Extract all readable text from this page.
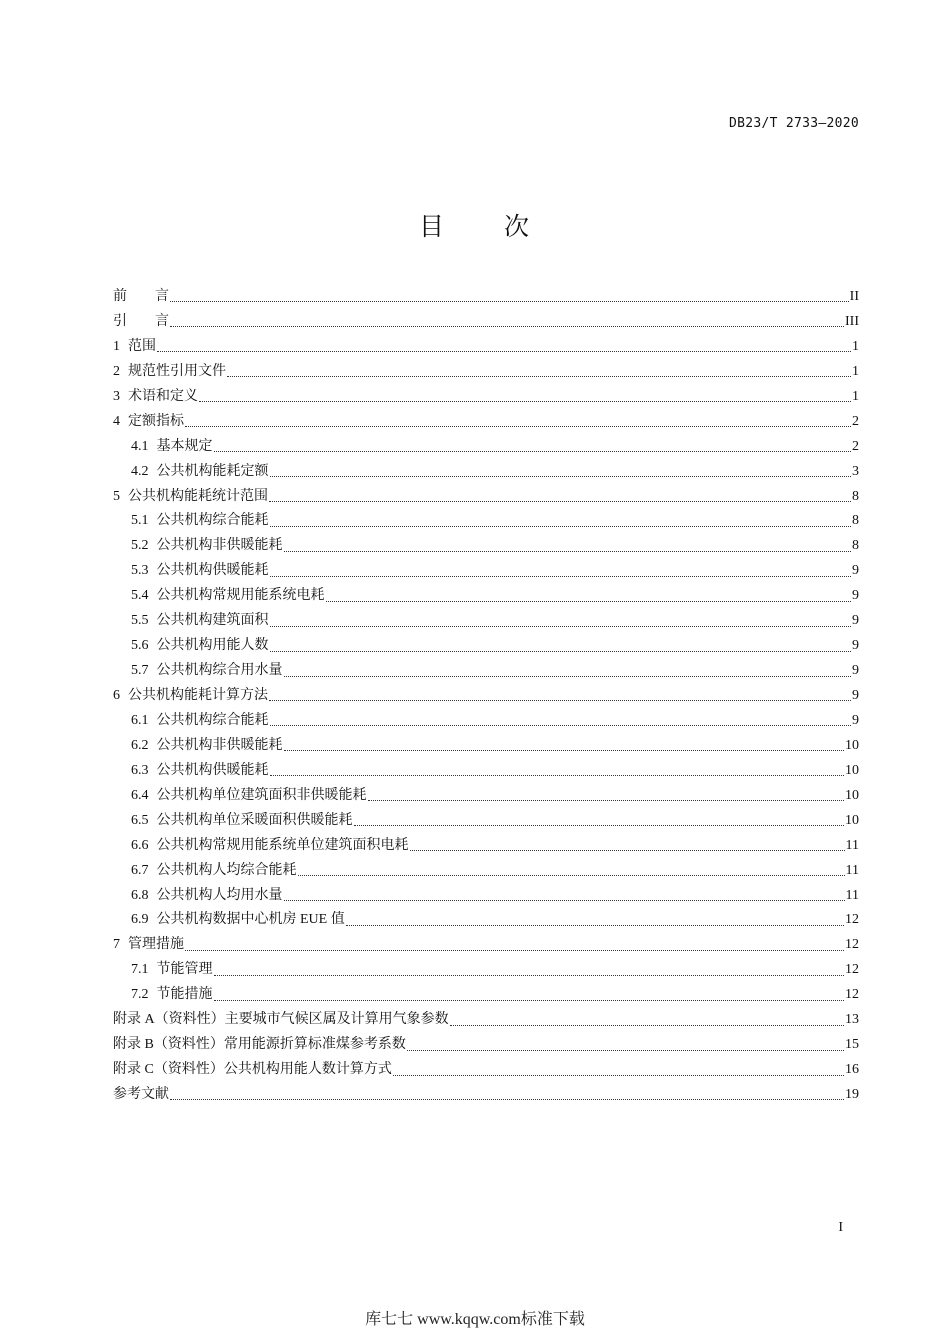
DB23/T 2733—2020
目 次
前　　言	II
引　　言	III
1 范围	1
2 规范性引用文件	1
3 术语和定义	1
4 定额指标	2
4.1 基本规定	2
4.2 公共机构能耗定额	3
5 公共机构能耗统计范围	8
5.1 公共机构综合能耗	8
5.2 公共机构非供暖能耗	8
5.3 公共机构供暖能耗	9
5.4 公共机构常规用能系统电耗	9
5.5 公共机构建筑面积	9
5.6 公共机构用能人数	9
5.7 公共机构综合用水量	9
6 公共机构能耗计算方法	9
6.1 公共机构综合能耗	9
6.2 公共机构非供暖能耗	10
6.3 公共机构供暖能耗	10
6.4 公共机构单位建筑面积非供暖能耗	10
6.5 公共机构单位采暖面积供暖能耗	10
6.6 公共机构常规用能系统单位建筑面积电耗	11
6.7 公共机构人均综合能耗	11
6.8 公共机构人均用水量	11
6.9 公共机构数据中心机房 EUE 值	12
7 管理措施	12
7.1 节能管理	12
7.2 节能措施	12
附录 A（资料性）主要城市气候区属及计算用气象参数	13
附录 B（资料性）常用能源折算标准煤参考系数	15
附录 C（资料性）公共机构用能人数计算方式	16
参考文献	19
I
库七七 www.kqqw.com标准下载
